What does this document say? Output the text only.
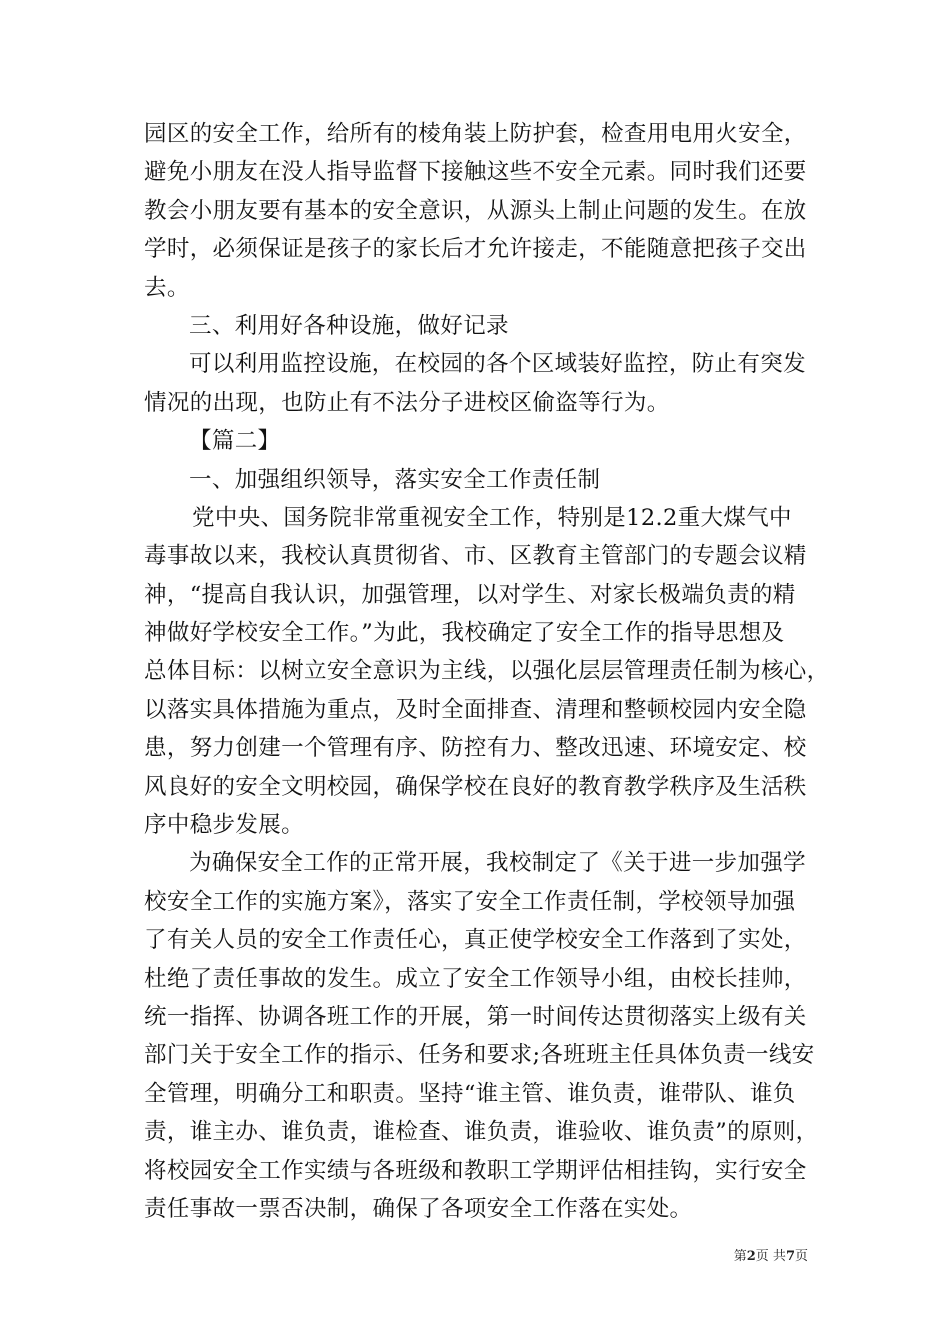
园区的安全工作，给所有的棱角装上防护套，检查用电用火安全，
避免小朋友在没人指导监督下接触这些不安全元素。同时我们还要
教会小朋友要有基本的安全意识，从源头上制止问题的发生。在放
学时，必须保证是孩子的家长后才允许接走，不能随意把孩子交出
去。
三、利用好各种设施，做好记录
可以利用监控设施，在校园的各个区域装好监控，防止有突发
情况的出现，也防止有不法分子进校区偷盗等行为。
【篇二】
一、加强组织领导，落实安全工作责任制
党中央、国务院非常重视安全工作，特别是12.2重大煤气中
毒事故以来，我校认真贯彻省、市、区教育主管部门的专题会议精
神，“提高自我认识，加强管理，以对学生、对家长极端负责的精
神做好学校安全工作。”为此，我校确定了安全工作的指导思想及
总体目标：以树立安全意识为主线，以强化层层管理责任制为核心，
以落实具体措施为重点，及时全面排查、清理和整顿校园内安全隐
患，努力创建一个管理有序、防控有力、整改迅速、环境安定、校
风良好的安全文明校园，确保学校在良好的教育教学秩序及生活秩
序中稳步发展。
为确保安全工作的正常开展，我校制定了《关于进一步加强学
校安全工作的实施方案》，落实了安全工作责任制，学校领导加强
了有关人员的安全工作责任心，真正使学校安全工作落到了实处，
杜绝了责任事故的发生。成立了安全工作领导小组，由校长挂帅，
统一指挥、协调各班工作的开展，第一时间传达贯彻落实上级有关
部门关于安全工作的指示、任务和要求;各班班主任具体负责一线安
全管理，明确分工和职责。坚持“谁主管、谁负责，谁带队、谁负
责，谁主办、谁负责，谁检查、谁负责，谁验收、谁负责”的原则，
将校园安全工作实绩与各班级和教职工学期评估相挂钩，实行安全
责任事故一票否决制，确保了各项安全工作落在实处。
第2页 共7页
